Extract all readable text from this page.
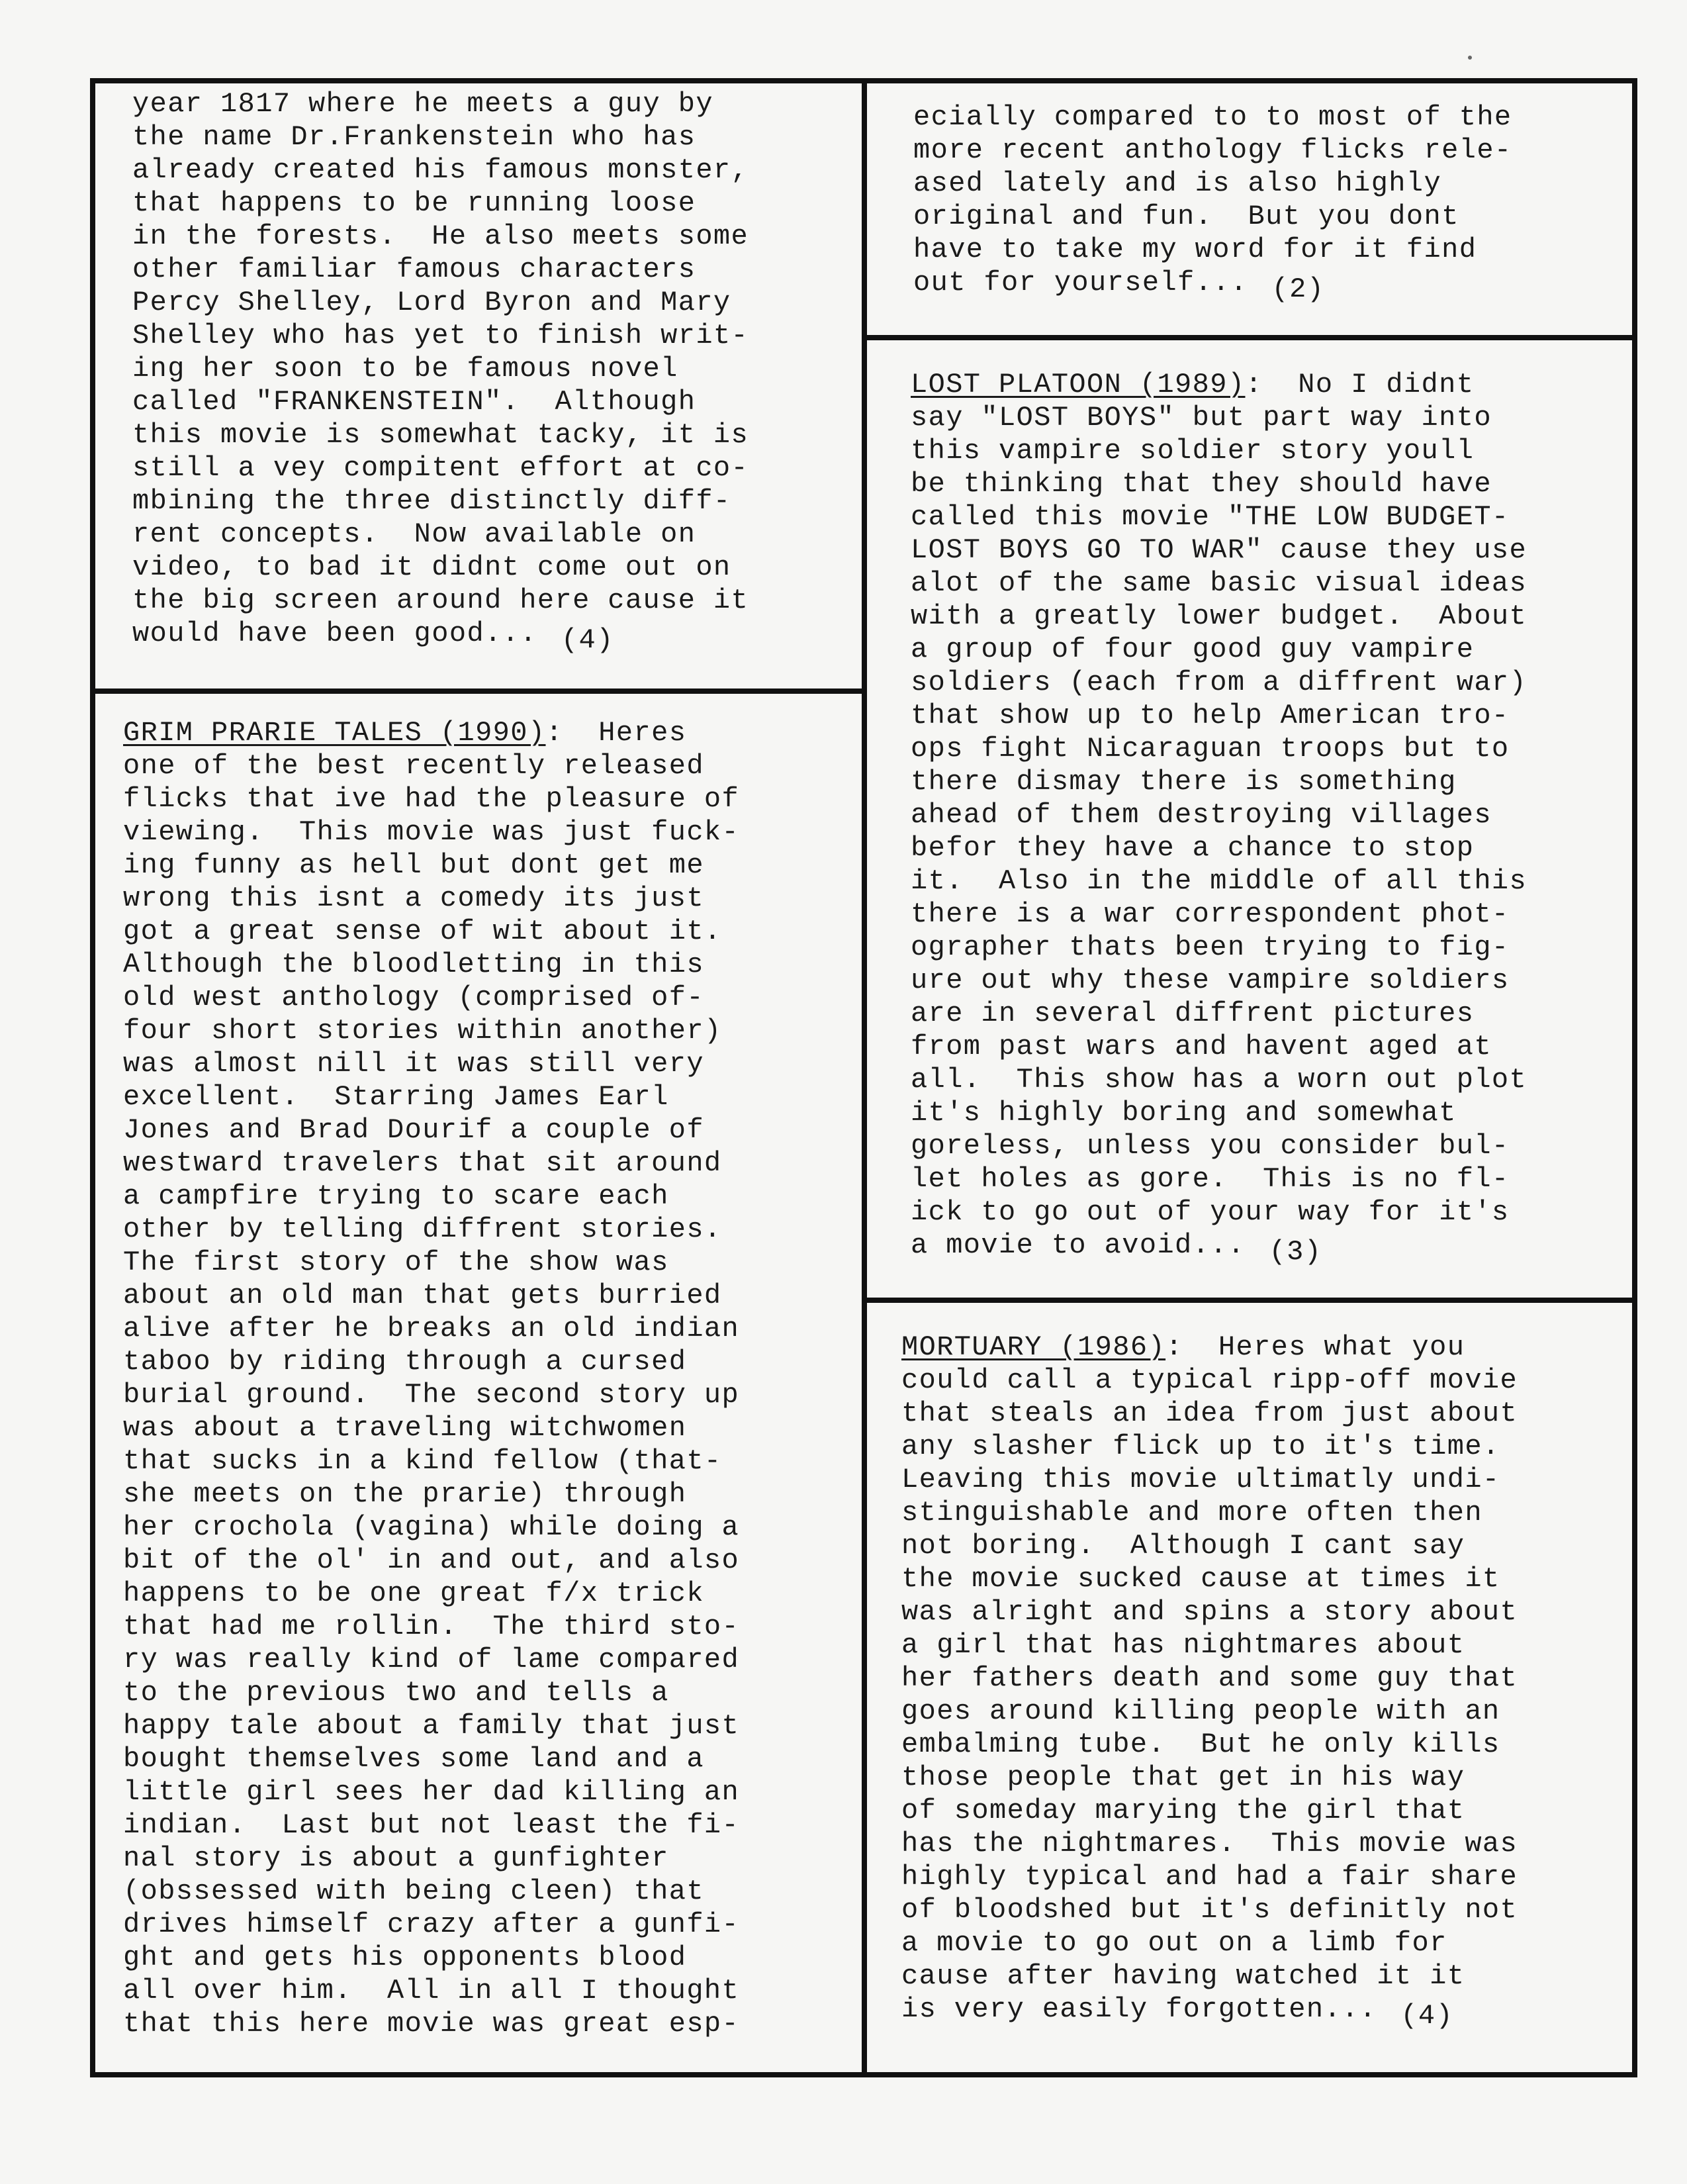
year 1817 where he meets a guy by

the name Dr.Frankenstein who has

already created his famous monster,

that happens to be running loose

in the forests.  He also meets some

other familiar famous characters

Percy Shelley, Lord Byron and Mary

Shelley who has yet to finish writ-

ing her soon to be famous novel

called "FRANKENSTEIN".  Although

this movie is somewhat tacky, it is

still a vey compitent effort at co-

mbining the three distinctly diff-

rent concepts.  Now available on

video, to bad it didnt come out on

the big screen around here cause it

would have been good... (4)

GRIM PRARIE TALES (1990):  Heres

one of the best recently released

flicks that ive had the pleasure of

viewing.  This movie was just fuck-

ing funny as hell but dont get me

wrong this isnt a comedy its just

got a great sense of wit about it.

Although the bloodletting in this

old west anthology (comprised of-

four short stories within another)

was almost nill it was still very

excellent.  Starring James Earl

Jones and Brad Dourif a couple of

westward travelers that sit around

a campfire trying to scare each

other by telling diffrent stories.

The first story of the show was

about an old man that gets burried

alive after he breaks an old indian

taboo by riding through a cursed

burial ground.  The second story up

was about a traveling witchwomen

that sucks in a kind fellow (that-

she meets on the prarie) through

her crochola (vagina) while doing a

bit of the ol' in and out, and also

happens to be one great f/x trick

that had me rollin.  The third sto-

ry was really kind of lame compared

to the previous two and tells a

happy tale about a family that just

bought themselves some land and a

little girl sees her dad killing an

indian.  Last but not least the fi-

nal story is about a gunfighter

(obssessed with being cleen) that

drives himself crazy after a gunfi-

ght and gets his opponents blood

all over him.  All in all I thought

that this here movie was great esp-

ecially compared to to most of the

more recent anthology flicks rele-

ased lately and is also highly

original and fun.  But you dont

have to take my word for it find

out for yourself... (2)

LOST PLATOON (1989):  No I didnt

say "LOST BOYS" but part way into

this vampire soldier story youll

be thinking that they should have

called this movie "THE LOW BUDGET-

LOST BOYS GO TO WAR" cause they use

alot of the same basic visual ideas

with a greatly lower budget.  About

a group of four good guy vampire

soldiers (each from a diffrent war)

that show up to help American tro-

ops fight Nicaraguan troops but to

there dismay there is something

ahead of them destroying villages

befor they have a chance to stop

it.  Also in the middle of all this

there is a war correspondent phot-

ographer thats been trying to fig-

ure out why these vampire soldiers

are in several diffrent pictures

from past wars and havent aged at

all.  This show has a worn out plot

it's highly boring and somewhat

goreless, unless you consider bul-

let holes as gore.  This is no fl-

ick to go out of your way for it's

a movie to avoid... (3)

MORTUARY (1986):  Heres what you

could call a typical ripp-off movie

that steals an idea from just about

any slasher flick up to it's time.

Leaving this movie ultimatly undi-

stinguishable and more often then

not boring.  Although I cant say

the movie sucked cause at times it

was alright and spins a story about

a girl that has nightmares about

her fathers death and some guy that

goes around killing people with an

embalming tube.  But he only kills

those people that get in his way

of someday marying the girl that

has the nightmares.  This movie was

highly typical and had a fair share

of bloodshed but it's definitly not

a movie to go out on a limb for

cause after having watched it it

is very easily forgotten... (4)
